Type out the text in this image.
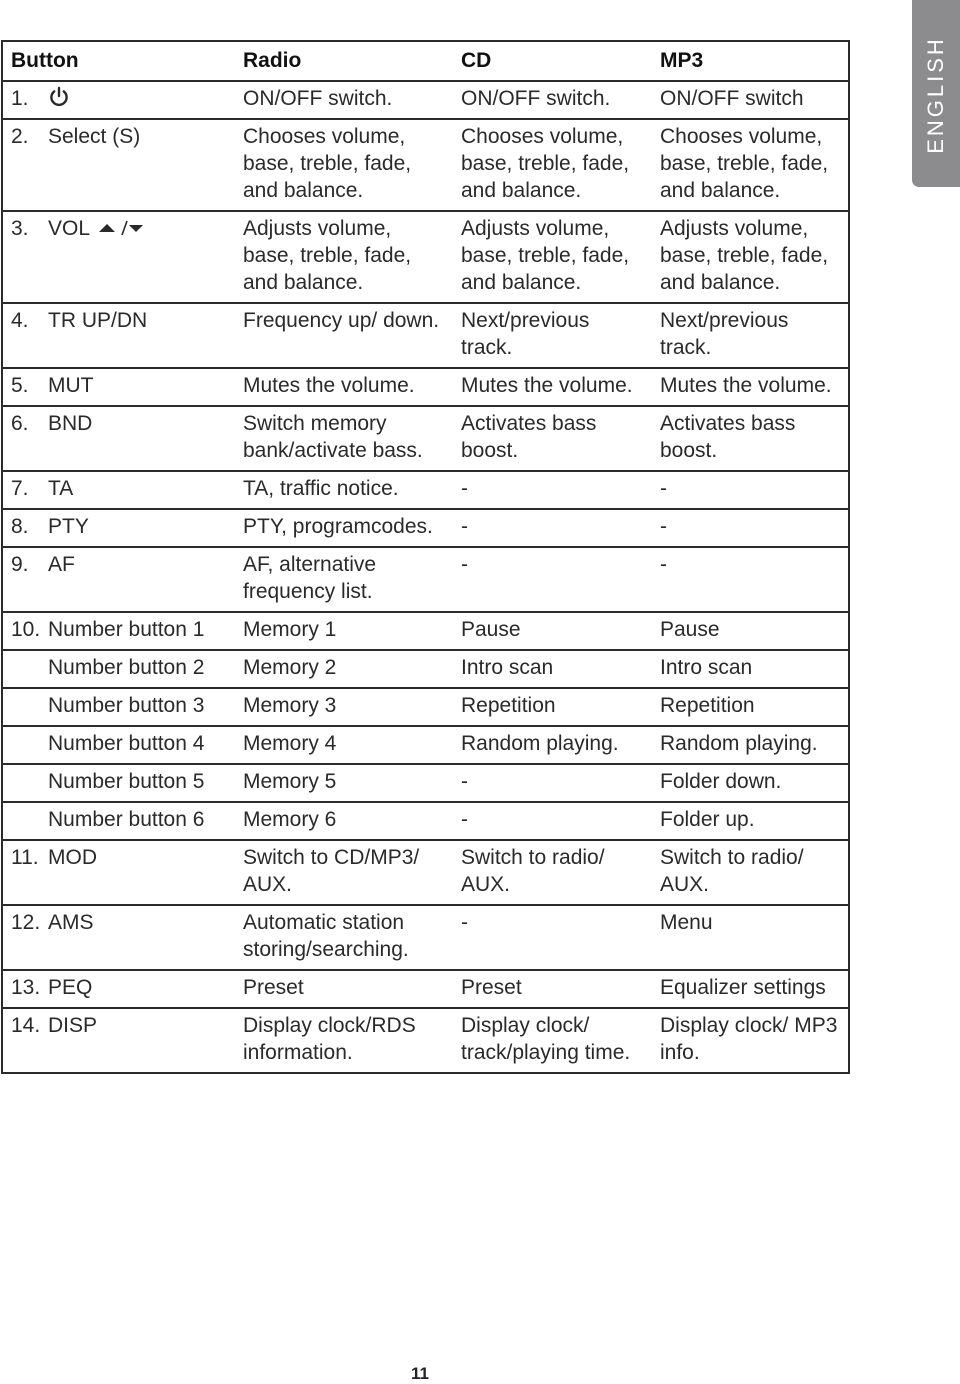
ENGLISH
Button	Radio	CD	MP3
1.	ON/OFF switch.	ON/OFF switch.	ON/OFF switch
2. Select (S)	Chooses volume, base, treble, fade, and balance.	Chooses volume, base, treble, fade, and balance.	Chooses volume, base, treble, fade, and balance.
3. VOL	Adjusts volume, base, treble, fade, and balance.	Adjusts volume, base, treble, fade, and balance.	Adjusts volume, base, treble, fade, and balance.
4. TR UP/DN	Frequency up/ down.	Next/previous track.	Next/previous track.
5. MUT	Mutes the volume.	Mutes the volume.	Mutes the volume.
6. BND	Switch memory bank/activate bass.	Activates bass boost.	Activates bass boost.
7. TA	TA, traffic notice.	-	-
8. PTY	PTY, programcodes.	-	-
9. AF	AF, alternative frequency list.	-	-
10. Number button 1	Memory 1	Pause	Pause
Number button 2	Memory 2	Intro scan	Intro scan
Number button 3	Memory 3	Repetition	Repetition
Number button 4	Memory 4	Random playing.	Random playing.
Number button 5	Memory 5	-	Folder down.
Number button 6	Memory 6	-	Folder up.
11. MOD	Switch to CD/MP3/ AUX.	Switch to radio/ AUX.	Switch to radio/ AUX.
12. AMS	Automatic station storing/searching.	-	Menu
13. PEQ	Preset	Preset	Equalizer settings
14. DISP	Display clock/RDS information.	Display clock/ track/playing time.	Display clock/ MP3 info.
11
